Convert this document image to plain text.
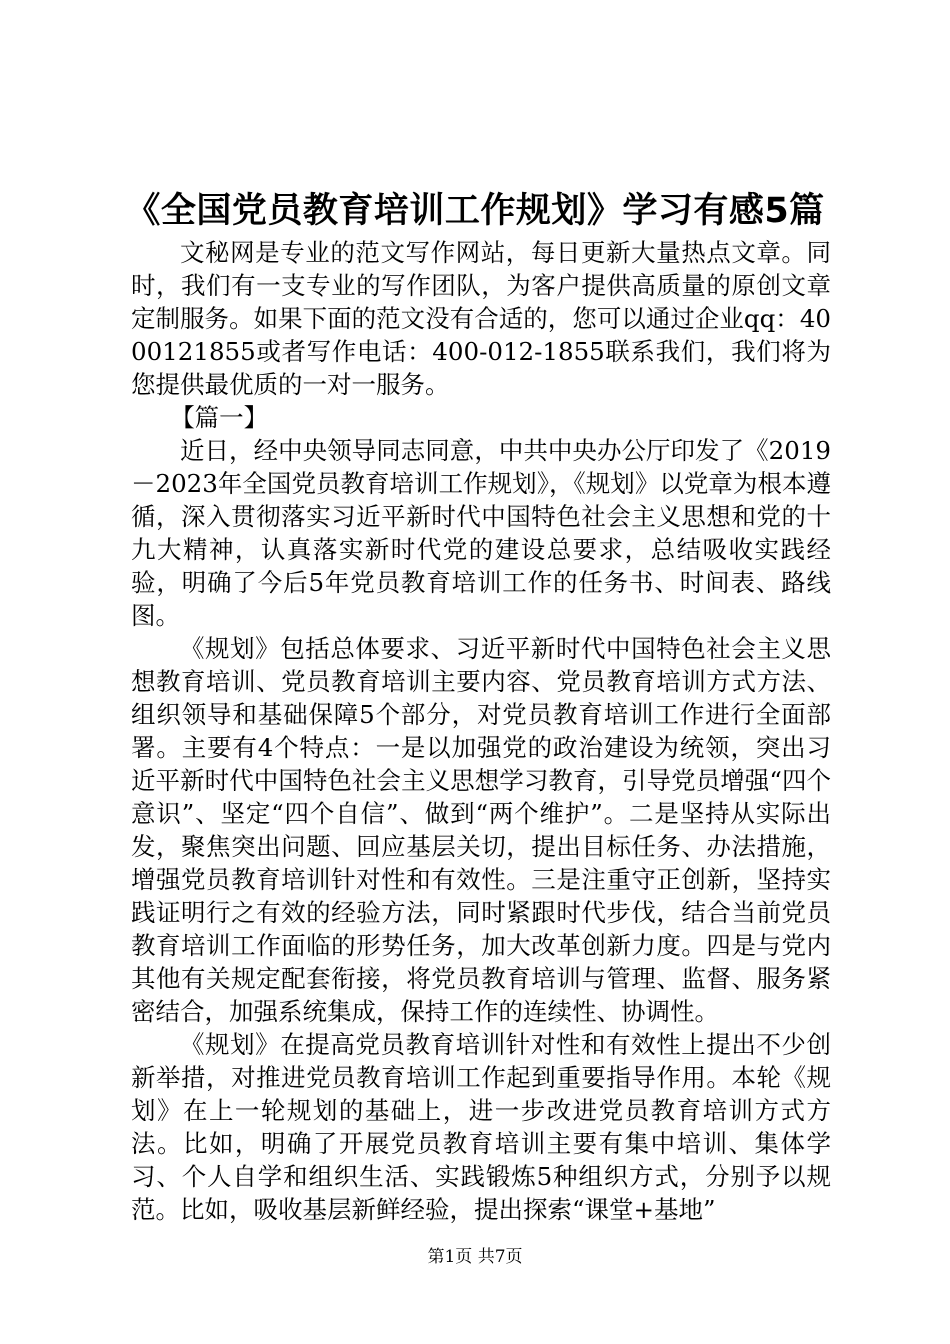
《全国党员教育培训工作规划》学习有感5篇

文秘网是专业的范文写作网站，每日更新大量热点文章。同时，我们有一支专业的写作团队，为客户提供高质量的原创文章定制服务。如果下面的范文没有合适的，您可以通过企业qq：4000121855或者写作电话：400-012-1855联系我们，我们将为您提供最优质的一对一服务。

【篇一】

近日，经中央领导同志同意，中共中央办公厅印发了《2019－2023年全国党员教育培训工作规划》，《规划》以党章为根本遵循，深入贯彻落实习近平新时代中国特色社会主义思想和党的十九大精神，认真落实新时代党的建设总要求，总结吸收实践经验，明确了今后5年党员教育培训工作的任务书、时间表、路线图。

《规划》包括总体要求、习近平新时代中国特色社会主义思想教育培训、党员教育培训主要内容、党员教育培训方式方法、组织领导和基础保障5个部分，对党员教育培训工作进行全面部署。主要有4个特点：一是以加强党的政治建设为统领，突出习近平新时代中国特色社会主义思想学习教育，引导党员增强“四个意识”、坚定“四个自信”、做到“两个维护”。二是坚持从实际出发，聚焦突出问题、回应基层关切，提出目标任务、办法措施，增强党员教育培训针对性和有效性。三是注重守正创新，坚持实践证明行之有效的经验方法，同时紧跟时代步伐，结合当前党员教育培训工作面临的形势任务，加大改革创新力度。四是与党内其他有关规定配套衔接，将党员教育培训与管理、监督、服务紧密结合，加强系统集成，保持工作的连续性、协调性。

《规划》在提高党员教育培训针对性和有效性上提出不少创新举措，对推进党员教育培训工作起到重要指导作用。本轮《规划》在上一轮规划的基础上，进一步改进党员教育培训方式方法。比如，明确了开展党员教育培训主要有集中培训、集体学习、个人自学和组织生活、实践锻炼5种组织方式，分别予以规范。比如，吸收基层新鲜经验，提出探索“课堂+基地”

第1页 共7页
